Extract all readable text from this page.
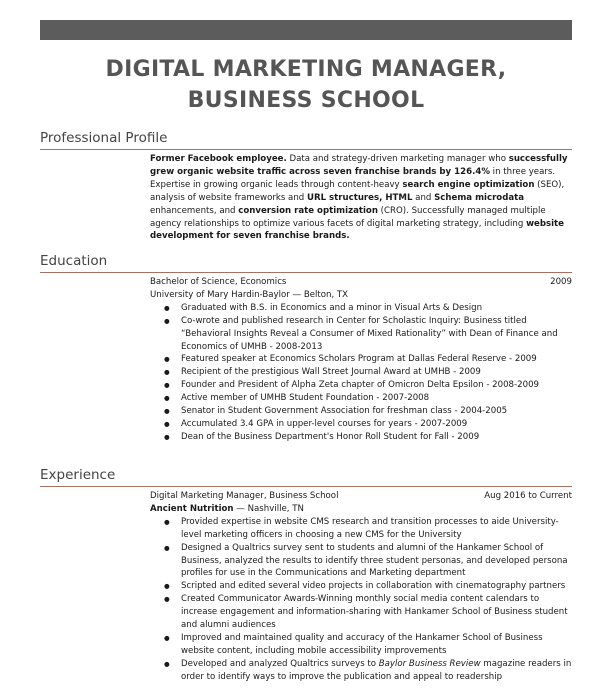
DIGITAL MARKETING MANAGER, BUSINESS SCHOOL
Professional Profile
Former Facebook employee. Data and strategy-driven marketing manager who successfully grew organic website traffic across seven franchise brands by 126.4% in three years. Expertise in growing organic leads through content-heavy search engine optimization (SEO), analysis of website frameworks and URL structures, HTML and Schema microdata enhancements, and conversion rate optimization (CRO). Successfully managed multiple agency relationships to optimize various facets of digital marketing strategy, including website development for seven franchise brands.
Education
Bachelor of Science, Economics	2009
University of Mary Hardin-Baylor — Belton, TX
● Graduated with B.S. in Economics and a minor in Visual Arts & Design
● Co-wrote and published research in Center for Scholastic Inquiry: Business titled “Behavioral Insights Reveal a Consumer of Mixed Rationality” with Dean of Finance and Economics of UMHB - 2008-2013
● Featured speaker at Economics Scholars Program at Dallas Federal Reserve - 2009
● Recipient of the prestigious Wall Street Journal Award at UMHB - 2009
● Founder and President of Alpha Zeta chapter of Omicron Delta Epsilon - 2008-2009
● Active member of UMHB Student Foundation - 2007-2008
● Senator in Student Government Association for freshman class - 2004-2005
● Accumulated 3.4 GPA in upper-level courses for years - 2007-2009
● Dean of the Business Department's Honor Roll Student for Fall - 2009
Experience
Digital Marketing Manager, Business School	Aug 2016 to Current
Ancient Nutrition — Nashville, TN
● Provided expertise in website CMS research and transition processes to aide University-level marketing officers in choosing a new CMS for the University
● Designed a Qualtrics survey sent to students and alumni of the Hankamer School of Business, analyzed the results to identify three student personas, and developed persona profiles for use in the Communications and Marketing department
● Scripted and edited several video projects in collaboration with cinematography partners
● Created Communicator Awards-Winning monthly social media content calendars to increase engagement and information-sharing with Hankamer School of Business student and alumni audiences
● Improved and maintained quality and accuracy of the Hankamer School of Business website content, including mobile accessibility improvements
● Developed and analyzed Qualtrics surveys to Baylor Business Review magazine readers in order to identify ways to improve the publication and appeal to readership
